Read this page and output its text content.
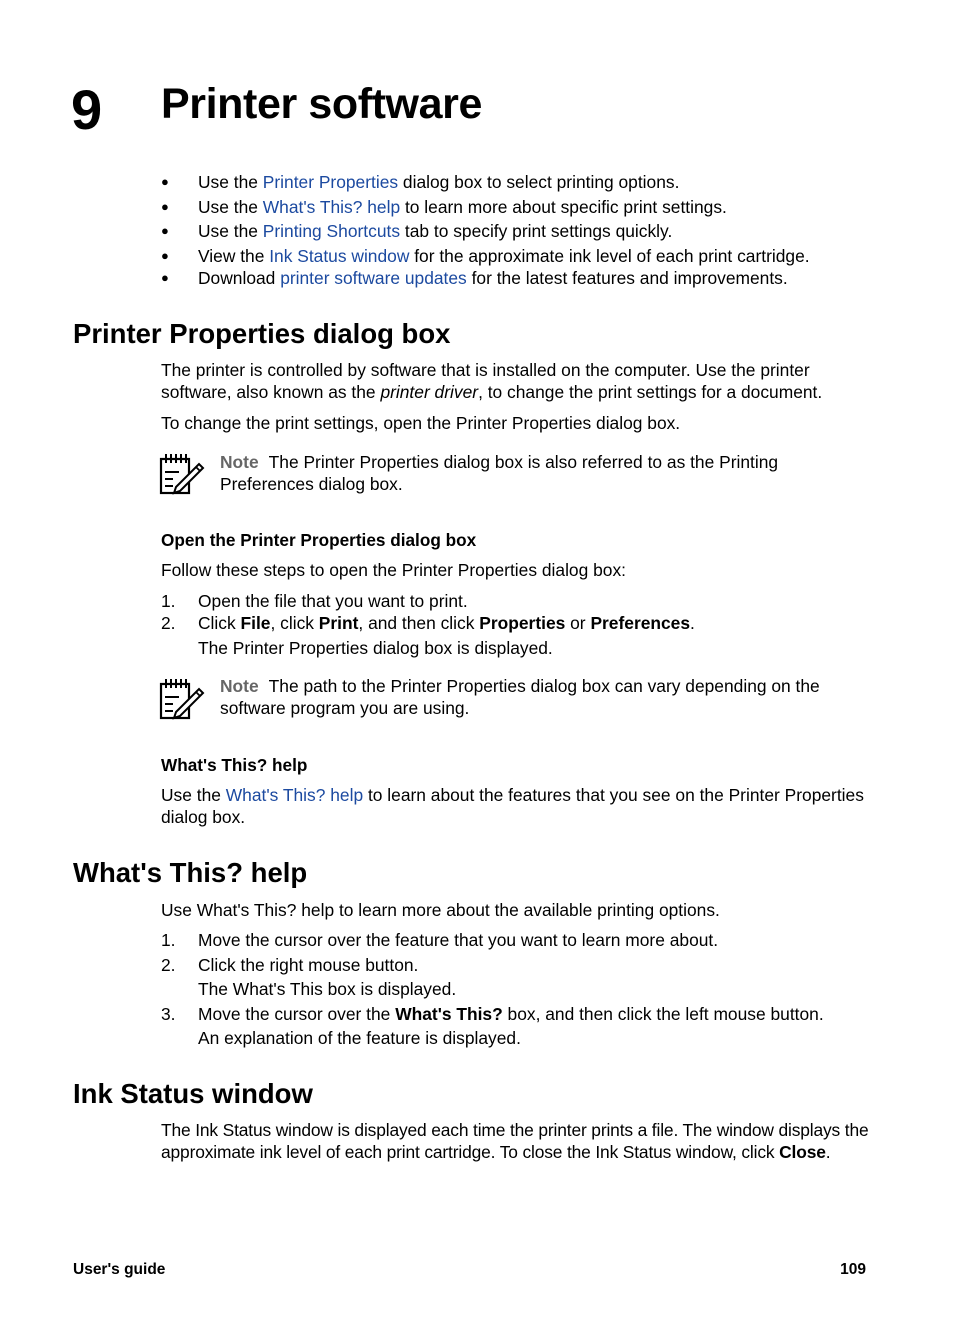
9 Printer software
● Use the Printer Properties dialog box to select printing options.
● Use the What's This? help to learn more about specific print settings.
● Use the Printing Shortcuts tab to specify print settings quickly.
● View the Ink Status window for the approximate ink level of each print cartridge.
● Download printer software updates for the latest features and improvements.
Printer Properties dialog box

The printer is controlled by software that is installed on the computer. Use the printer software, also known as the printer driver, to change the print settings for a document.

To change the print settings, open the Printer Properties dialog box.

Note The Printer Properties dialog box is also referred to as the Printing Preferences dialog box.

Open the Printer Properties dialog box

Follow these steps to open the Printer Properties dialog box:

1. Open the file that you want to print.
2. Click File, click Print, and then click Properties or Preferences.

The Printer Properties dialog box is displayed.

Note The path to the Printer Properties dialog box can vary depending on the software program you are using.

What's This? help

Use the What's This? help to learn about the features that you see on the Printer Properties dialog box.

What's This? help

Use What's This? help to learn more about the available printing options.

1. Move the cursor over the feature that you want to learn more about.
2. Click the right mouse button.

The What's This box is displayed.

3. Move the cursor over the What's This? box, and then click the left mouse button.

An explanation of the feature is displayed.

Ink Status window

The Ink Status window is displayed each time the printer prints a file. The window displays the approximate ink level of each print cartridge. To close the Ink Status window, click Close.

User's guide	109
